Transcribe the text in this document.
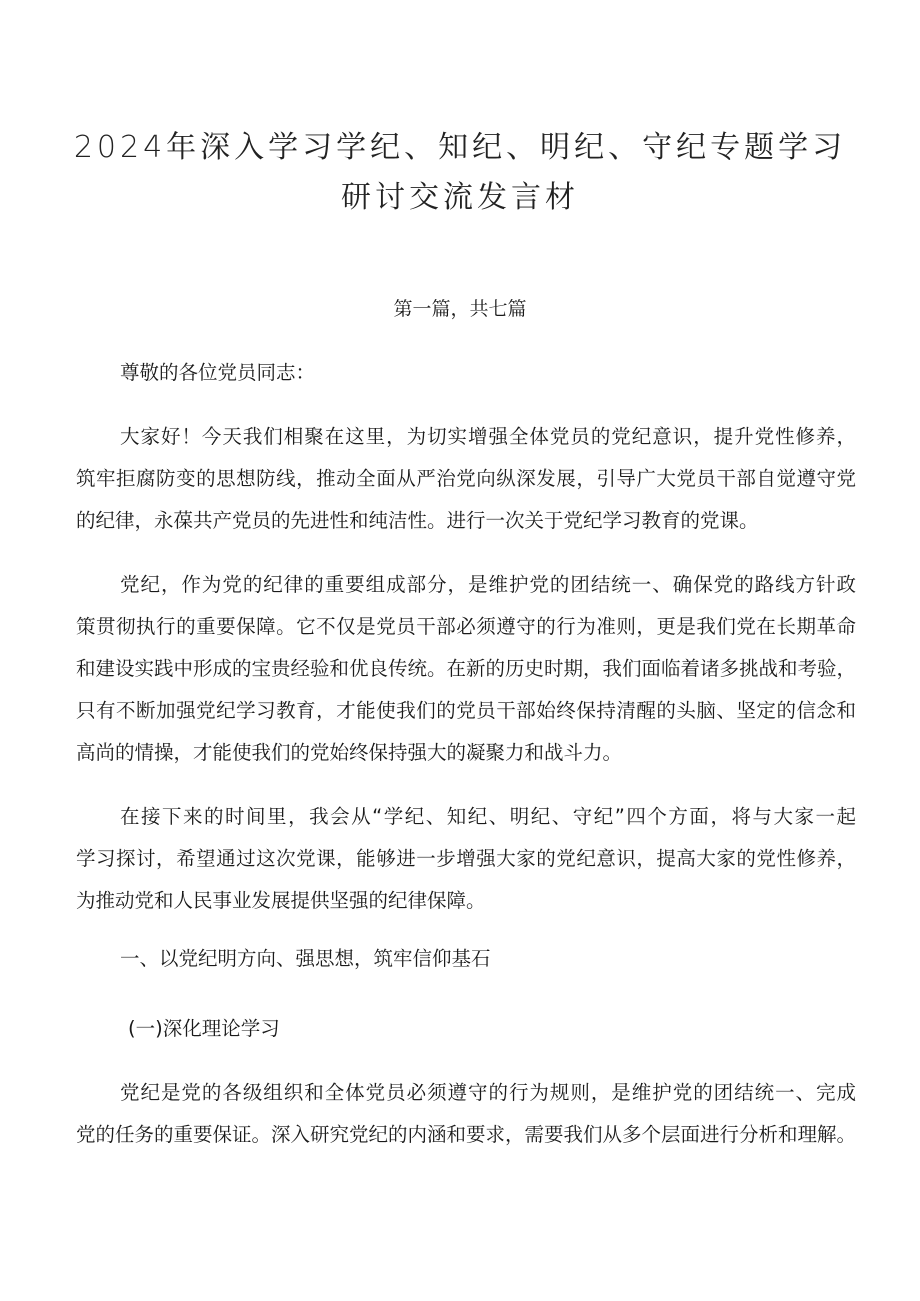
2024年深入学习学纪、知纪、明纪、守纪专题学习
研讨交流发言材
第一篇，共七篇
尊敬的各位党员同志：
大家好！今天我们相聚在这里，为切实增强全体党员的党纪意识，提升党性修养，
筑牢拒腐防变的思想防线，推动全面从严治党向纵深发展，引导广大党员干部自觉遵守党
的纪律，永葆共产党员的先进性和纯洁性。进行一次关于党纪学习教育的党课。
党纪，作为党的纪律的重要组成部分，是维护党的团结统一、确保党的路线方针政
策贯彻执行的重要保障。它不仅是党员干部必须遵守的行为准则，更是我们党在长期革命
和建设实践中形成的宝贵经验和优良传统。在新的历史时期，我们面临着诸多挑战和考验，
只有不断加强党纪学习教育，才能使我们的党员干部始终保持清醒的头脑、坚定的信念和
高尚的情操，才能使我们的党始终保持强大的凝聚力和战斗力。
在接下来的时间里，我会从“学纪、知纪、明纪、守纪”四个方面，将与大家一起
学习探讨，希望通过这次党课，能够进一步增强大家的党纪意识，提高大家的党性修养，
为推动党和人民事业发展提供坚强的纪律保障。
一、以党纪明方向、强思想，筑牢信仰基石
(一)深化理论学习
党纪是党的各级组织和全体党员必须遵守的行为规则，是维护党的团结统一、完成
党的任务的重要保证。深入研究党纪的内涵和要求，需要我们从多个层面进行分析和理解。
